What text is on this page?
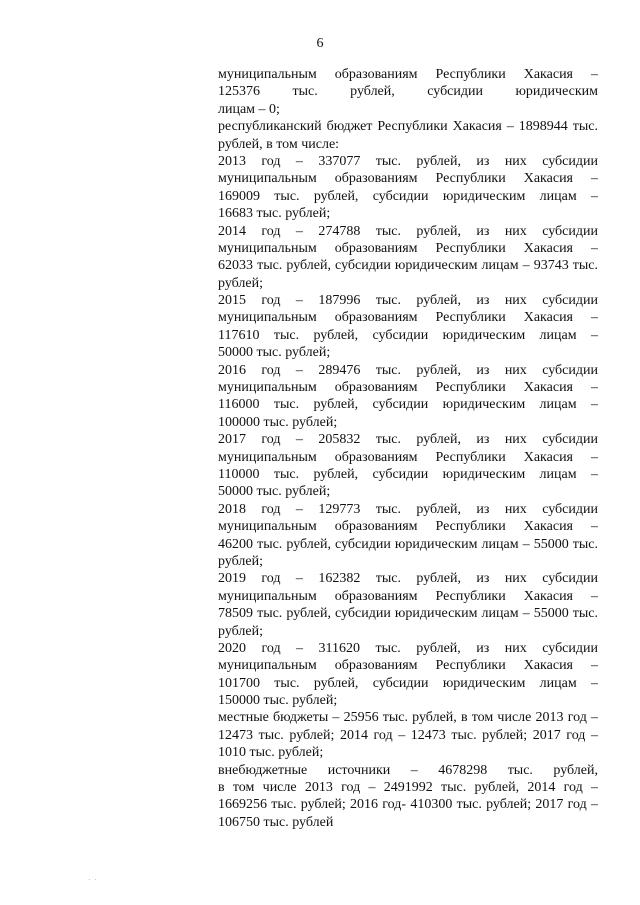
6
муниципальным образованиям Республики Хакасия –
125376 тыс. рублей, субсидии юридическим
лицам – 0;
республиканский бюджет Республики Хакасия – 1898944 тыс.
рублей, в том числе:
2013 год – 337077 тыс. рублей, из них субсидии
муниципальным образованиям Республики Хакасия –
169009 тыс. рублей, субсидии юридическим лицам –
16683 тыс. рублей;
2014 год – 274788 тыс. рублей, из них субсидии
муниципальным образованиям Республики Хакасия –
62033 тыс. рублей, субсидии юридическим лицам – 93743 тыс.
рублей;
2015 год – 187996 тыс. рублей, из них субсидии
муниципальным образованиям Республики Хакасия –
117610 тыс. рублей, субсидии юридическим лицам –
50000 тыс. рублей;
2016 год – 289476 тыс. рублей, из них субсидии
муниципальным образованиям Республики Хакасия –
116000 тыс. рублей, субсидии юридическим лицам –
100000 тыс. рублей;
2017 год – 205832 тыс. рублей, из них субсидии
муниципальным образованиям Республики Хакасия –
110000 тыс. рублей, субсидии юридическим лицам –
50000 тыс. рублей;
2018 год – 129773 тыс. рублей, из них субсидии
муниципальным образованиям Республики Хакасия –
46200 тыс. рублей, субсидии юридическим лицам – 55000 тыс.
рублей;
2019 год – 162382 тыс. рублей, из них субсидии
муниципальным образованиям Республики Хакасия –
78509 тыс. рублей, субсидии юридическим лицам – 55000 тыс.
рублей;
2020 год – 311620 тыс. рублей, из них субсидии
муниципальным образованиям Республики Хакасия –
101700 тыс. рублей, субсидии юридическим лицам –
150000 тыс. рублей;
местные бюджеты – 25956 тыс. рублей, в том числе 2013 год –
12473 тыс. рублей; 2014 год – 12473 тыс. рублей; 2017 год –
1010 тыс. рублей;
внебюджетные источники – 4678298 тыс. рублей,
в том числе 2013 год – 2491992 тыс. рублей, 2014 год –
1669256 тыс. рублей; 2016 год- 410300 тыс. рублей; 2017 год –
106750 тыс. рублей
· ·
